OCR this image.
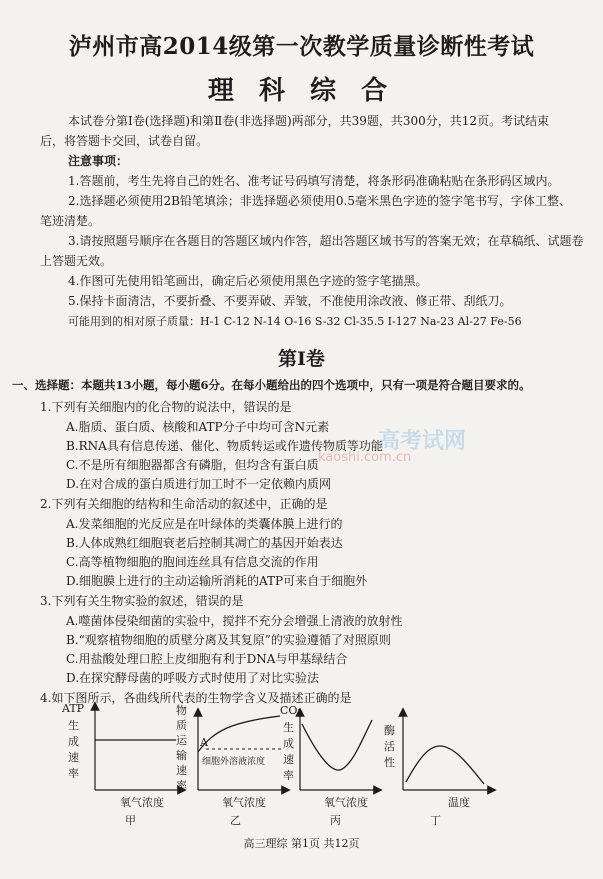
泸州市高2014级第一次教学质量诊断性考试
理 科 综 合
本试卷分第Ⅰ卷(选择题)和第Ⅱ卷(非选择题)两部分，共39题，共300分，共12页。考试结束
后，将答题卡交回，试卷自留。
注意事项：
1.答题前，考生先将自己的姓名、准考证号码填写清楚，将条形码准确粘贴在条形码区域内。
2.选择题必须使用2B铅笔填涂；非选择题必须使用0.5毫米黑色字迹的签字笔书写，字体工整、
笔迹清楚。
3.请按照题号顺序在各题目的答题区域内作答，超出答题区域书写的答案无效；在草稿纸、试题卷
上答题无效。
4.作图可先使用铅笔画出，确定后必须使用黑色字迹的签字笔描黑。
5.保持卡面清洁，不要折叠、不要弄破、弄皱，不准使用涂改液、修正带、刮纸刀。
可能用到的相对原子质量：H-1 C-12 N-14 O-16 S-32 Cl-35.5 I-127 Na-23 Al-27 Fe-56
第Ⅰ卷
一、选择题：本题共13小题，每小题6分。在每小题给出的四个选项中，只有一项是符合题目要求的。
高考试网
kaoshi.com.cn
1.下列有关细胞内的化合物的说法中，错误的是
A.脂质、蛋白质、核酸和ATP分子中均可含N元素
B.RNA具有信息传递、催化、物质转运或作遗传物质等功能
C.不是所有细胞器都含有磷脂，但均含有蛋白质
D.在对合成的蛋白质进行加工时不一定依赖内质网
2.下列有关细胞的结构和生命活动的叙述中，正确的是
A.发菜细胞的光反应是在叶绿体的类囊体膜上进行的
B.人体成熟红细胞衰老后控制其凋亡的基因开始表达
C.高等植物细胞的胞间连丝具有信息交流的作用
D.细胞膜上进行的主动运输所消耗的ATP可来自于细胞外
3.下列有关生物实验的叙述，错误的是
A.噬菌体侵染细菌的实验中，搅拌不充分会增强上清液的放射性
B.“观察植物细胞的质壁分离及其复原”的实验遵循了对照原则
C.用盐酸处理口腔上皮细胞有利于DNA与甲基绿结合
D.在探究酵母菌的呼吸方式时使用了对比实验法
4.如下图所示，各曲线所代表的生物学含义及描述正确的是
ATP
生
成
速
率
氧气浓度
甲
A
细胞外溶液浓度
物
质
运
输
速
率
氧气浓度
乙
CO₂
生
成
速
率
氧气浓度
丙
酶
活
性
温度
丁
高三理综 第1页 共12页
